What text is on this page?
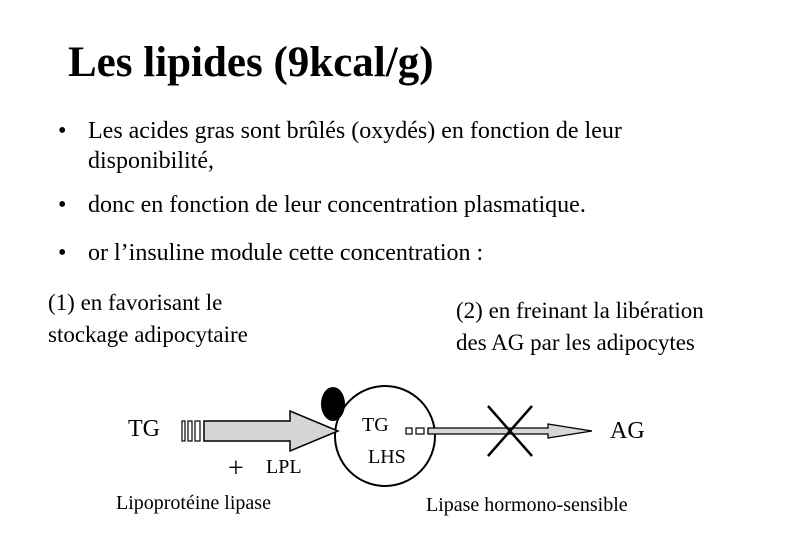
Les lipides (9kcal/g)
• Les acides gras sont brûlés (oxydés) en fonction de leur
disponibilité,
• donc en fonction de leur concentration plasmatique.
• or l’insuline module cette concentration :
(1) en favorisant le
stockage adipocytaire
(2) en freinant la libération
des AG par les adipocytes
TG
+ LPL
Lipoprotéine lipase
TG
LHS
AG
Lipase hormono-sensible
